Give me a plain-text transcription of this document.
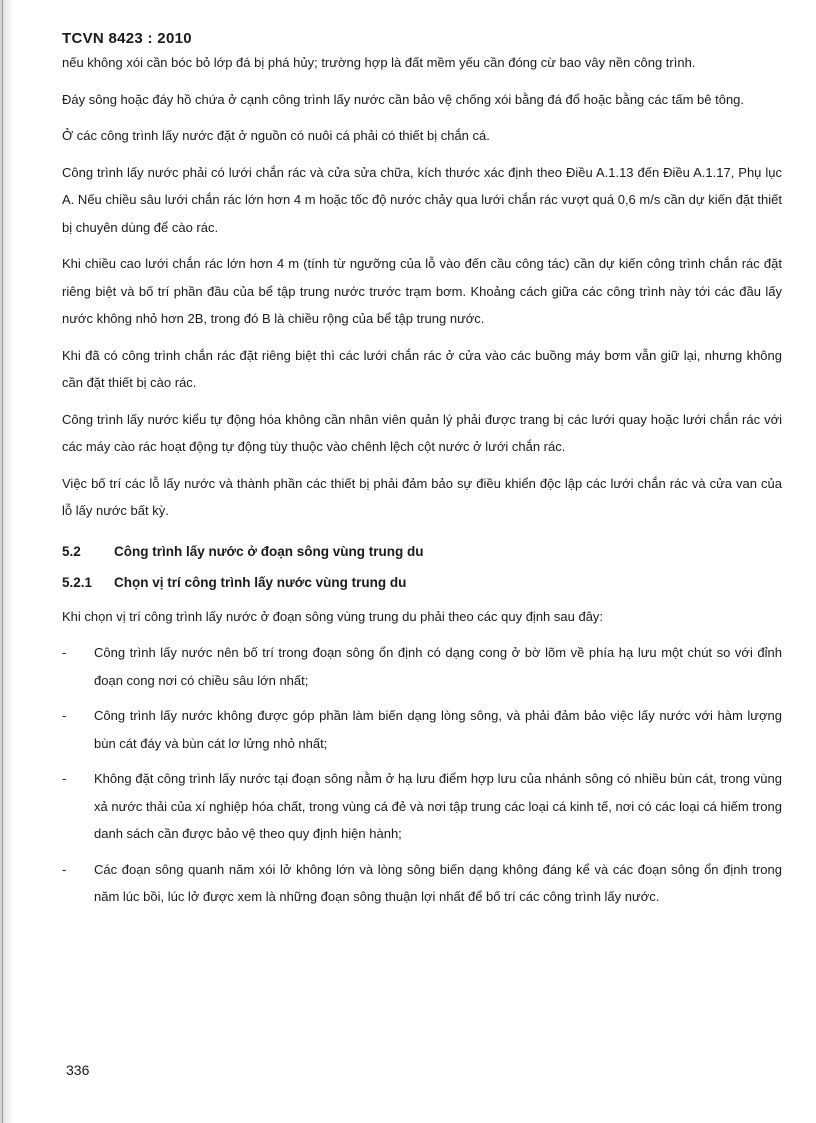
TCVN 8423 : 2010

nếu không xói cần bóc bỏ lớp đá bị phá hủy; trường hợp là đất mềm yếu cần đóng cừ bao vây nền công trình.

Đáy sông hoặc đáy hồ chứa ở cạnh công trình lấy nước cần bảo vệ chống xói bằng đá đổ hoặc bằng các tấm bê tông.

Ở các công trình lấy nước đặt ở nguồn có nuôi cá phải có thiết bị chắn cá.

Công trình lấy nước phải có lưới chắn rác và cửa sửa chữa, kích thước xác định theo Điều A.1.13 đến Điều A.1.17, Phụ lục A. Nếu chiều sâu lưới chắn rác lớn hơn 4 m hoặc tốc độ nước chảy qua lưới chắn rác vượt quá 0,6 m/s cần dự kiến đặt thiết bị chuyên dùng để cào rác.

Khi chiều cao lưới chắn rác lớn hơn 4 m (tính từ ngưỡng của lỗ vào đến cầu công tác) cần dự kiến công trình chắn rác đặt riêng biệt và bố trí phần đầu của bể tập trung nước trước trạm bơm. Khoảng cách giữa các công trình này tới các đầu lấy nước không nhỏ hơn 2B, trong đó B là chiều rộng của bể tập trung nước.

Khi đã có công trình chắn rác đặt riêng biệt thì các lưới chắn rác ở cửa vào các buồng máy bơm vẫn giữ lại, nhưng không cần đặt thiết bị cào rác.

Công trình lấy nước kiểu tự động hóa không cần nhân viên quản lý phải được trang bị các lưới quay hoặc lưới chắn rác với các máy cào rác hoạt động tự động tùy thuộc vào chênh lệch cột nước ở lưới chắn rác.

Việc bố trí các lỗ lấy nước và thành phần các thiết bị phải đảm bảo sự điều khiển độc lập các lưới chắn rác và cửa van của lỗ lấy nước bất kỳ.

5.2	Công trình lấy nước ở đoạn sông vùng trung du
5.2.1	Chọn vị trí công trình lấy nước vùng trung du

Khi chọn vị trí công trình lấy nước ở đoạn sông vùng trung du phải theo các quy định sau đây:

-	Công trình lấy nước nên bố trí trong đoạn sông ổn định có dạng cong ở bờ lõm về phía hạ lưu một chút so với đỉnh đoạn cong nơi có chiều sâu lớn nhất;
-	Công trình lấy nước không được góp phần làm biến dạng lòng sông, và phải đảm bảo việc lấy nước với hàm lượng bùn cát đáy và bùn cát lơ lửng nhỏ nhất;
-	Không đặt công trình lấy nước tại đoạn sông nằm ở hạ lưu điểm hợp lưu của nhánh sông có nhiều bùn cát, trong vùng xả nước thải của xí nghiệp hóa chất, trong vùng cá đẻ và nơi tập trung các loại cá kinh tế, nơi có các loại cá hiếm trong danh sách cần được bảo vệ theo quy định hiện hành;
-	Các đoạn sông quanh năm xói lở không lớn và lòng sông biến dạng không đáng kể và các đoạn sông ổn định trong năm lúc bồi, lúc lở được xem là những đoạn sông thuận lợi nhất để bố trí các công trình lấy nước.
336
